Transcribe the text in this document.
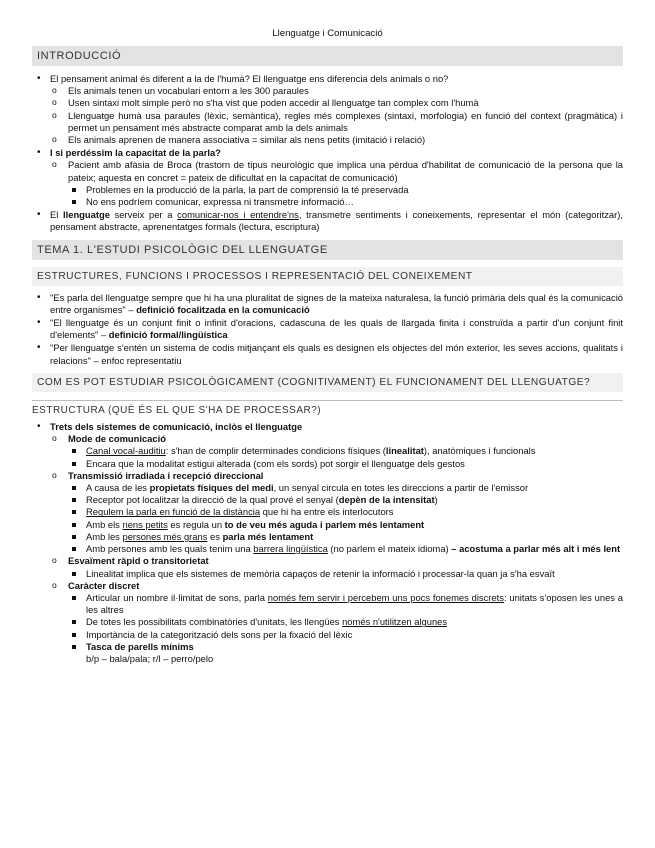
Llenguatge i Comunicació
INTRODUCCIÓ
• El pensament animal és diferent a la de l'humà? El llenguatge ens diferencia dels animals o no?
o Els animals tenen un vocabulari entorn a les 300 paraules
o Usen sintaxi molt simple però no s'ha vist que poden accedir al llenguatge tan complex com l'humà
o Llenguatge humà usa paraules (lèxic, semàntica), regles més complexes (sintaxi, morfologia) en funció del context (pragmàtica) i permet un pensament més abstracte comparat amb la dels animals
o Els animals aprenen de manera associativa = similar als nens petits (imitació i relació)
• I si perdéssim la capacitat de la parla?
o Pacient amb afàsia de Broca (trastorn de tipus neurològic que implica una pèrdua d'habilitat de comunicació de la persona que la pateix; aquesta en concret = pateix de dificultat en la capacitat de comunicació)
Problemes en la producció de la parla, la part de comprensió la té preservada
No ens podríem comunicar, expressa ni transmetre informació…
• El llenguatge serveix per a comunicar-nos i entendre'ns, transmetre sentiments i coneixements, representar el món (categoritzar), pensament abstracte, aprenentatges formals (lectura, escriptura)
TEMA 1. L'ESTUDI PSICOLÒGIC DEL LLENGUATGE
ESTRUCTURES, FUNCIONS I PROCESSOS I REPRESENTACIÓ DEL CONEIXEMENT
• "Es parla del llenguatge sempre que hi ha una pluralitat de signes de la mateixa naturalesa, la funció primària dels qual és la comunicació entre organismes" – definició focalitzada en la comunicació
• "El llenguatge és un conjunt finit o infinit d'oracions, cadascuna de les quals de llargada finita i construïda a partir d'un conjunt finit d'elements" – definició formal/lingüística
• "Per llenguatge s'entén un sistema de codis mitjançant els quals es designen els objectes del món exterior, les seves accions, qualitats i relacions" – enfoc representatiu
COM ES POT ESTUDIAR PSICOLÒGICAMENT (COGNITIVAMENT) EL FUNCIONAMENT DEL LLENGUATGE?
ESTRUCTURA (QUÈ ÉS EL QUE S'HA DE PROCESSAR?)
• Trets dels sistemes de comunicació, inclòs el llenguatge
o Mode de comunicació
Canal vocal-auditiu: s'han de complir determinades condicions físiques (linealitat), anatòmiques i funcionals
Encara que la modalitat estigui alterada (com els sords) pot sorgir el llenguatge dels gestos
o Transmissió irradiada i recepció direccional
A causa de les propietats físiques del medi, un senyal circula en totes les direccions a partir de l'emissor
Receptor pot localitzar la direcció de la qual prové el senyal (depèn de la intensitat)
Regulem la parla en funció de la distància que hi ha entre els interlocutors
Amb els nens petits es regula un to de veu més aguda i parlem més lentament
Amb les persones més grans es parla més lentament
Amb persones amb les quals tenim una barrera lingüística (no parlem el mateix idioma) – acostuma a parlar més alt i més lent
o Esvaïment ràpid o transitorietat
Linealitat implica que els sistemes de memòria capaços de retenir la informació i processar-la quan ja s'ha esvaït
o Caràcter discret
Articular un nombre il·limitat de sons, parla només fem servir i percebem uns pocs fonemes discrets: unitats s'oposen les unes a les altres
De totes les possibilitats combinatòries d'unitats, les llengües només n'utilitzen algunes
Importància de la categorització dels sons per la fixació del lèxic
Tasca de parells mínims
b/p – bala/pala; r/l – perro/pelo
